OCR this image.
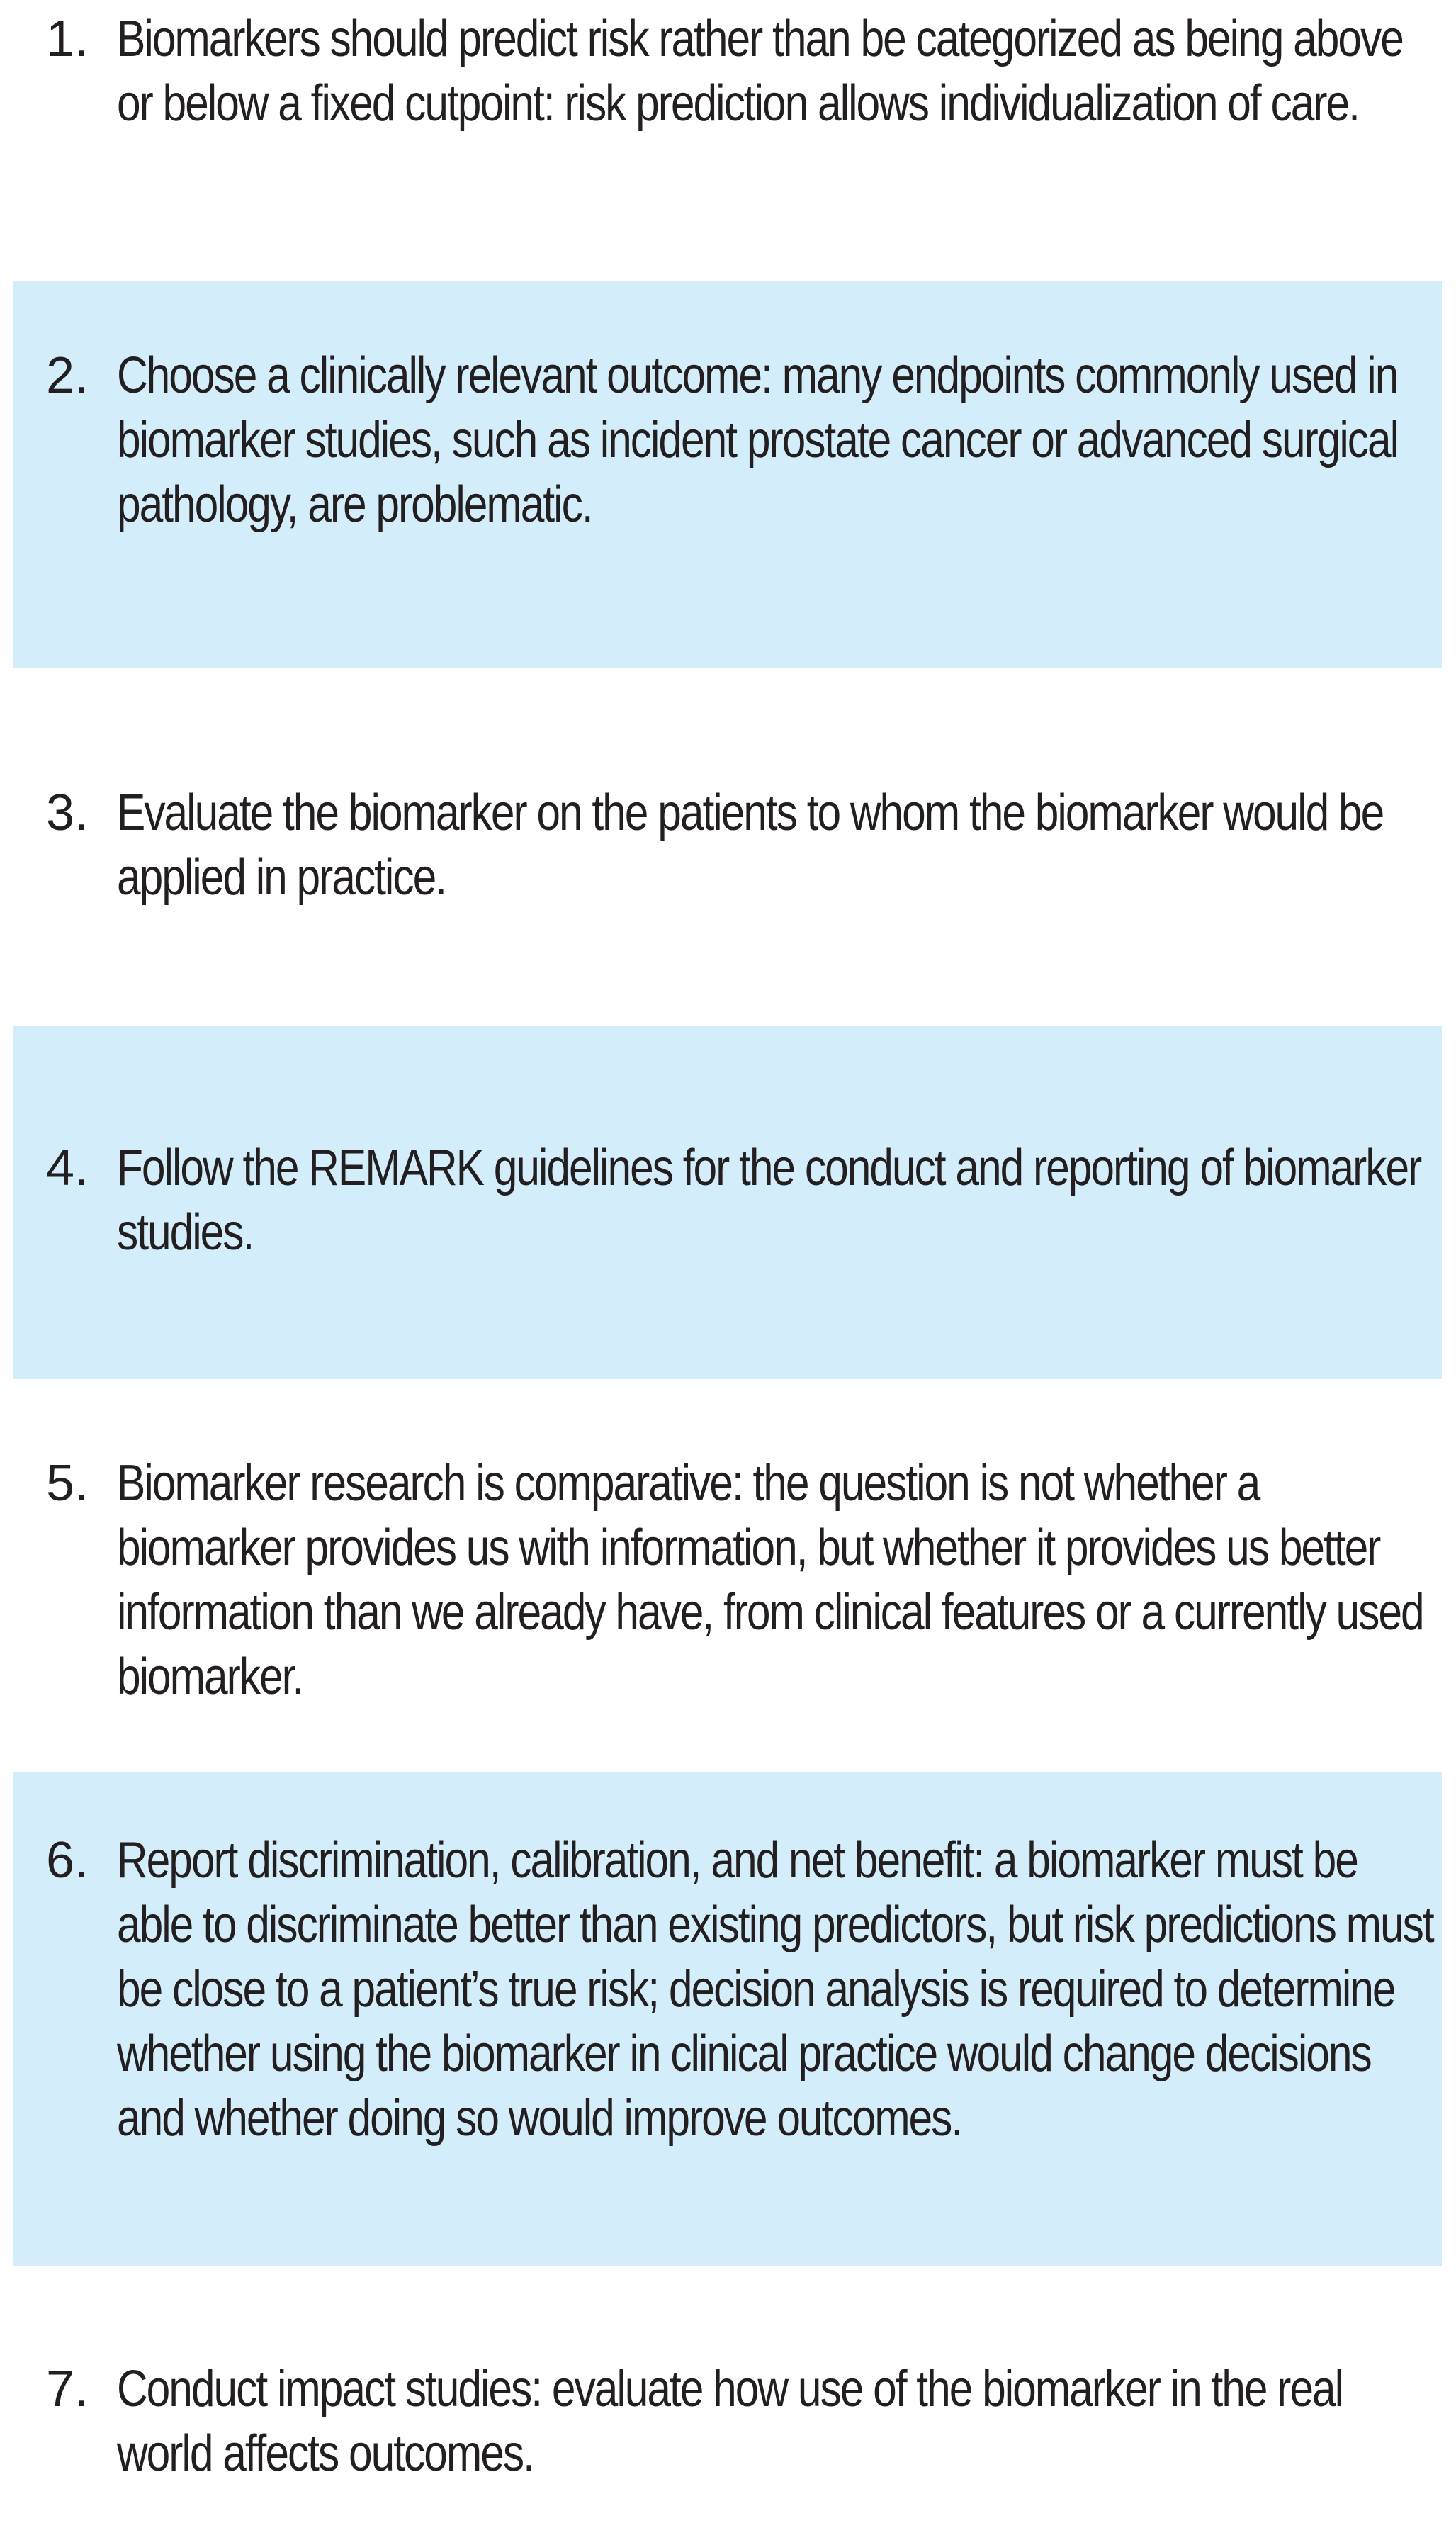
1. Biomarkers should predict risk rather than be categorized as being above or below a fixed cutpoint: risk prediction allows individualization of care.
2. Choose a clinically relevant outcome: many endpoints commonly used in biomarker studies, such as incident prostate cancer or advanced surgical pathology, are problematic.
3. Evaluate the biomarker on the patients to whom the biomarker would be applied in practice.
4. Follow the REMARK guidelines for the conduct and reporting of biomarker studies.
5. Biomarker research is comparative: the question is not whether a biomarker provides us with information, but whether it provides us better information than we already have, from clinical features or a currently used biomarker.
6. Report discrimination, calibration, and net benefit: a biomarker must be able to discriminate better than existing predictors, but risk predictions must be close to a patient’s true risk; decision analysis is required to determine whether using the biomarker in clinical practice would change decisions and whether doing so would improve outcomes.
7. Conduct impact studies: evaluate how use of the biomarker in the real world affects outcomes.
